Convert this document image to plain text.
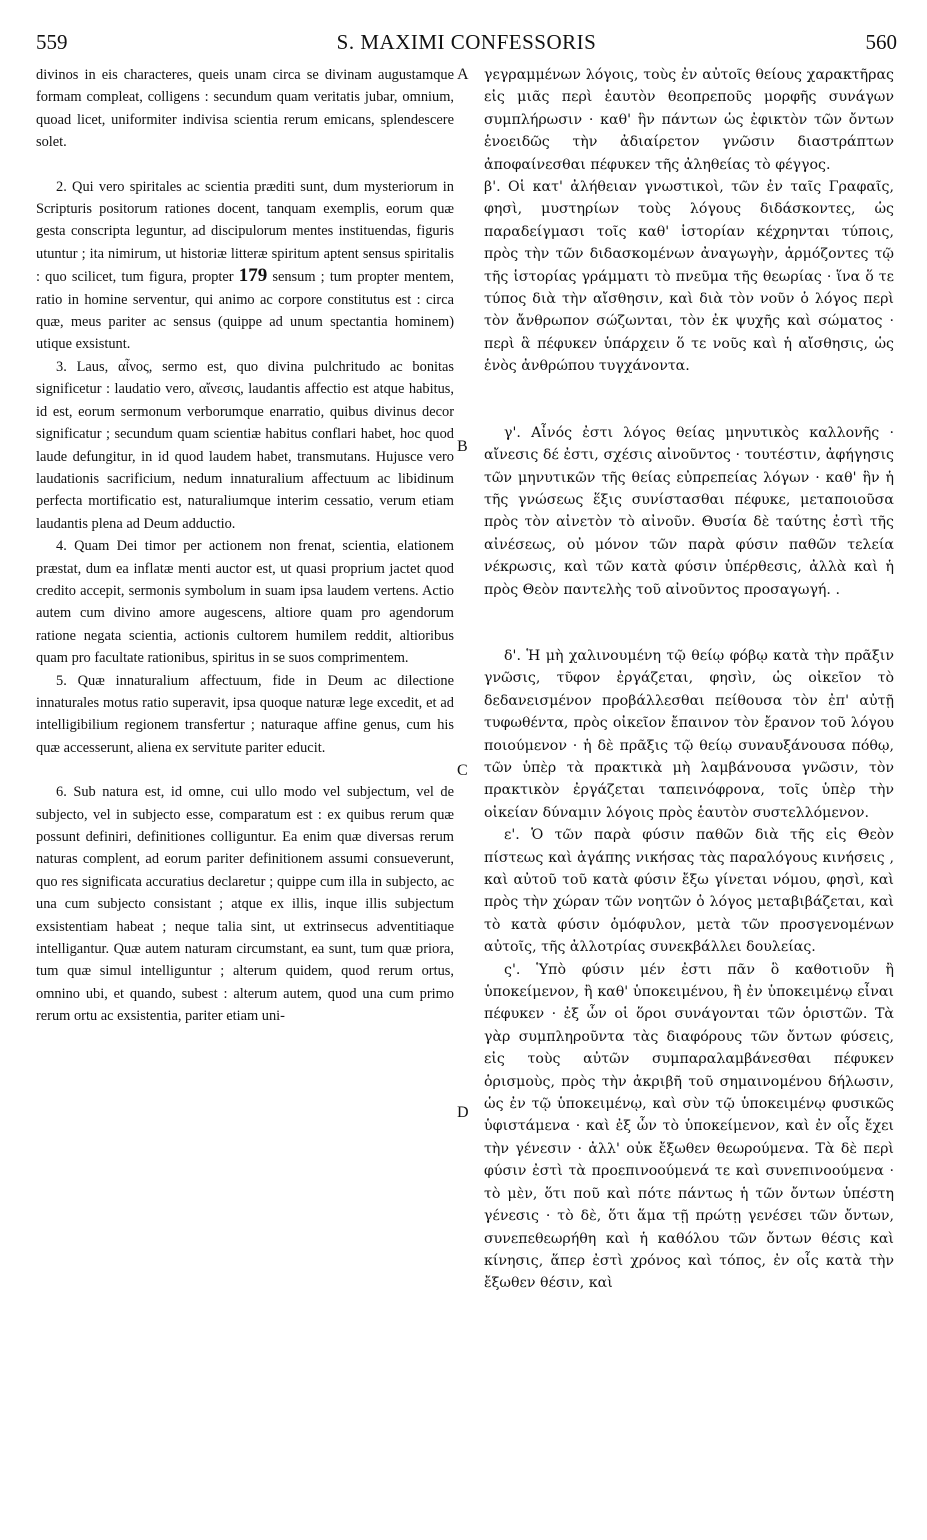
559	S. MAXIMI CONFESSORIS	560

divinos in eis characteres, queis unam circa se divinam augustamque formam compleat, colligens : secundum quam veritatis jubar, omnium, quoad licet, uniformiter indivisa scientia rerum emicans, splendescere solet.

2. Qui vero spiritales ac scientia præditi sunt, dum mysteriorum in Scripturis positorum rationes docent, tanquam exemplis, eorum quæ gesta conscripta leguntur, ad discipulorum mentes instituendas, figuris utuntur ; ita nimirum, ut historiæ litteræ spiritum aptent sensus spiritalis : quo scilicet, tum figura, propter 179 sensum ; tum propter mentem, ratio in homine serventur, qui animo ac corpore constitutus est : circa quæ, meus pariter ac sensus (quippe ad unum spectantia hominem) utique exsistunt.

3. Laus, αἶνος, sermo est, quo divina pulchritudo ac bonitas significetur : laudatio vero, αἴνεσις, laudantis affectio est atque habitus, id est, eorum sermonum verborumque enarratio, quibus divinus decor significatur ; secundum quam scientiæ habitus conflari habet, hoc quod laude defungitur, in id quod laudem habet, transmutans. Hujusce vero laudationis sacrificium, nedum innaturalium affectuum ac libidinum perfecta mortificatio est, naturaliumque interim cessatio, verum etiam laudantis plena ad Deum adductio.

4. Quam Dei timor per actionem non frenat, scientia, elationem præstat, dum ea inflatæ menti auctor est, ut quasi proprium jactet quod credito accepit, sermonis symbolum in suam ipsa laudem vertens. Actio autem cum divino amore augescens, altiore quam pro agendorum ratione negata scientia, actionis cultorem humilem reddit, altioribus quam pro facultate rationibus, spiritus in se suos comprimentem.

5. Quæ innaturalium affectuum, fide in Deum ac dilectione innaturales motus ratio superavit, ipsa quoque naturæ lege excedit, et ad intelligibilium regionem transfertur ; naturaque affine genus, cum his quæ accesserunt, aliena ex servitute pariter educit.

6. Sub natura est, id omne, cui ullo modo vel subjectum, vel de subjecto, vel in subjecto esse, comparatum est : ex quibus rerum quæ possunt definiri, definitiones colliguntur. Ea enim quæ diversas rerum naturas complent, ad eorum pariter definitionem assumi consueverunt, quo res significata accuratius declaretur ; quippe cum illa in subjecto, ac una cum subjecto consistant ; atque ex illis, inque illis subjectum exsistentiam habeat ; neque talia sint, ut extrinsecus adventitiaque intelligantur. Quæ autem naturam circumstant, ea sunt, tum quæ priora, tum quæ simul intelliguntur ; alterum quidem, quod rerum ortus, omnino ubi, et quando, subest : alterum autem, quod una cum primo rerum ortu ac exsistentia, pariter etiam uni-

A
B
C
D

γεγραμμένων λόγοις, τοὺς ἐν αὐτοῖς θείους χαρακτῆρας εἰς μιᾶς περὶ ἑαυτὸν θεοπρεποῦς μορφῆς συνάγων συμπλήρωσιν · καθ' ἣν πάντων ὡς ἐφικτὸν τῶν ὄντων ἑνοειδῶς τὴν ἀδιαίρετον γνῶσιν διαστράπτων ἀποφαίνεσθαι πέφυκεν τῆς ἀληθείας τὸ φέγγος.

β'. Οἱ κατ' ἀλήθειαν γνωστικοὶ, τῶν ἐν ταῖς Γραφαῖς, φησὶ, μυστηρίων τοὺς λόγους διδάσκοντες, ὡς παραδείγμασι τοῖς καθ' ἱστορίαν κέχρηνται τύποις, πρὸς τὴν τῶν διδασκομένων ἀναγωγὴν, ἁρμόζοντες τῷ τῆς ἱστορίας γράμματι τὸ πνεῦμα τῆς θεωρίας · ἵνα ὅ τε τύπος διὰ τὴν αἴσθησιν, καὶ διὰ τὸν νοῦν ὁ λόγος περὶ τὸν ἄνθρωπον σώζωνται, τὸν ἐκ ψυχῆς καὶ σώματος · περὶ ἃ πέφυκεν ὑπάρχειν ὅ τε νοῦς καὶ ἡ αἴσθησις, ὡς ἑνὸς ἀνθρώπου τυγχάνοντα.

γ'. Αἶνός ἐστι λόγος θείας μηνυτικὸς καλλονῆς · αἴνεσις δέ ἐστι, σχέσις αἰνοῦντος · τουτέστιν, ἀφήγησις τῶν μηνυτικῶν τῆς θείας εὐπρεπείας λόγων · καθ' ἣν ἡ τῆς γνώσεως ἕξις συνίστασθαι πέφυκε, μεταποιοῦσα πρὸς τὸν αἰνετὸν τὸ αἰνοῦν. Θυσία δὲ ταύτης ἐστὶ τῆς αἰνέσεως, οὐ μόνον τῶν παρὰ φύσιν παθῶν τελεία νέκρωσις, καὶ τῶν κατὰ φύσιν ὑπέρθεσις, ἀλλὰ καὶ ἡ πρὸς Θεὸν παντελὴς τοῦ αἰνοῦντος προσαγωγή. .

δ'. Ἡ μὴ χαλινουμένη τῷ θείῳ φόβῳ κατὰ τὴν πρᾶξιν γνῶσις, τῦφον ἐργάζεται, φησὶν, ὡς οἰκεῖον τὸ δεδανεισμένον προβάλλεσθαι πείθουσα τὸν ἐπ' αὐτῇ τυφωθέντα, πρὸς οἰκεῖον ἔπαινον τὸν ἔρανον τοῦ λόγου ποιούμενον · ἡ δὲ πρᾶξις τῷ θείῳ συναυξάνουσα πόθῳ, τῶν ὑπὲρ τὰ πρακτικὰ μὴ λαμβάνουσα γνῶσιν, τὸν πρακτικὸν ἐργάζεται ταπεινόφρονα, τοῖς ὑπὲρ τὴν οἰκείαν δύναμιν λόγοις πρὸς ἑαυτὸν συστελλόμενον.

ε'. Ὁ τῶν παρὰ φύσιν παθῶν διὰ τῆς εἰς Θεὸν πίστεως καὶ ἀγάπης νικήσας τὰς παραλόγους κινήσεις , καὶ αὐτοῦ τοῦ κατὰ φύσιν ἔξω γίνεται νόμου, φησὶ, καὶ πρὸς τὴν χώραν τῶν νοητῶν ὁ λόγος μεταβιβάζεται, καὶ τὸ κατὰ φύσιν ὁμόφυλον, μετὰ τῶν προσγενομένων αὐτοῖς, τῆς ἀλλοτρίας συνεκβάλλει δουλείας.

ς'. Ὑπὸ φύσιν μέν ἐστι πᾶν ὃ καθοτιοῦν ἢ ὑποκείμενον, ἢ καθ' ὑποκειμένου, ἢ ἐν ὑποκειμένῳ εἶναι πέφυκεν · ἐξ ὧν οἱ ὅροι συνάγονται τῶν ὁριστῶν. Τὰ γὰρ συμπληροῦντα τὰς διαφόρους τῶν ὄντων φύσεις, εἰς τοὺς αὐτῶν συμπαραλαμβάνεσθαι πέφυκεν ὁρισμοὺς, πρὸς τὴν ἀκριβῆ τοῦ σημαινομένου δήλωσιν, ὡς ἐν τῷ ὑποκειμένῳ, καὶ σὺν τῷ ὑποκειμένῳ φυσικῶς ὑφιστάμενα · καὶ ἐξ ὧν τὸ ὑποκείμενον, καὶ ἐν οἷς ἔχει τὴν γένεσιν · ἀλλ' οὐκ ἔξωθεν θεωρούμενα. Τὰ δὲ περὶ φύσιν ἐστὶ τὰ προεπινοούμενά τε καὶ συνεπινοούμενα · τὸ μὲν, ὅτι ποῦ καὶ πότε πάντως ἡ τῶν ὄντων ὑπέστη γένεσις · τὸ δὲ, ὅτι ἅμα τῇ πρώτῃ γενέσει τῶν ὄντων, συνεπεθεωρήθη καὶ ἡ καθόλου τῶν ὄντων θέσις καὶ κίνησις, ἅπερ ἐστὶ χρόνος καὶ τόπος, ἐν οἷς κατὰ τὴν ἔξωθεν θέσιν, καὶ
